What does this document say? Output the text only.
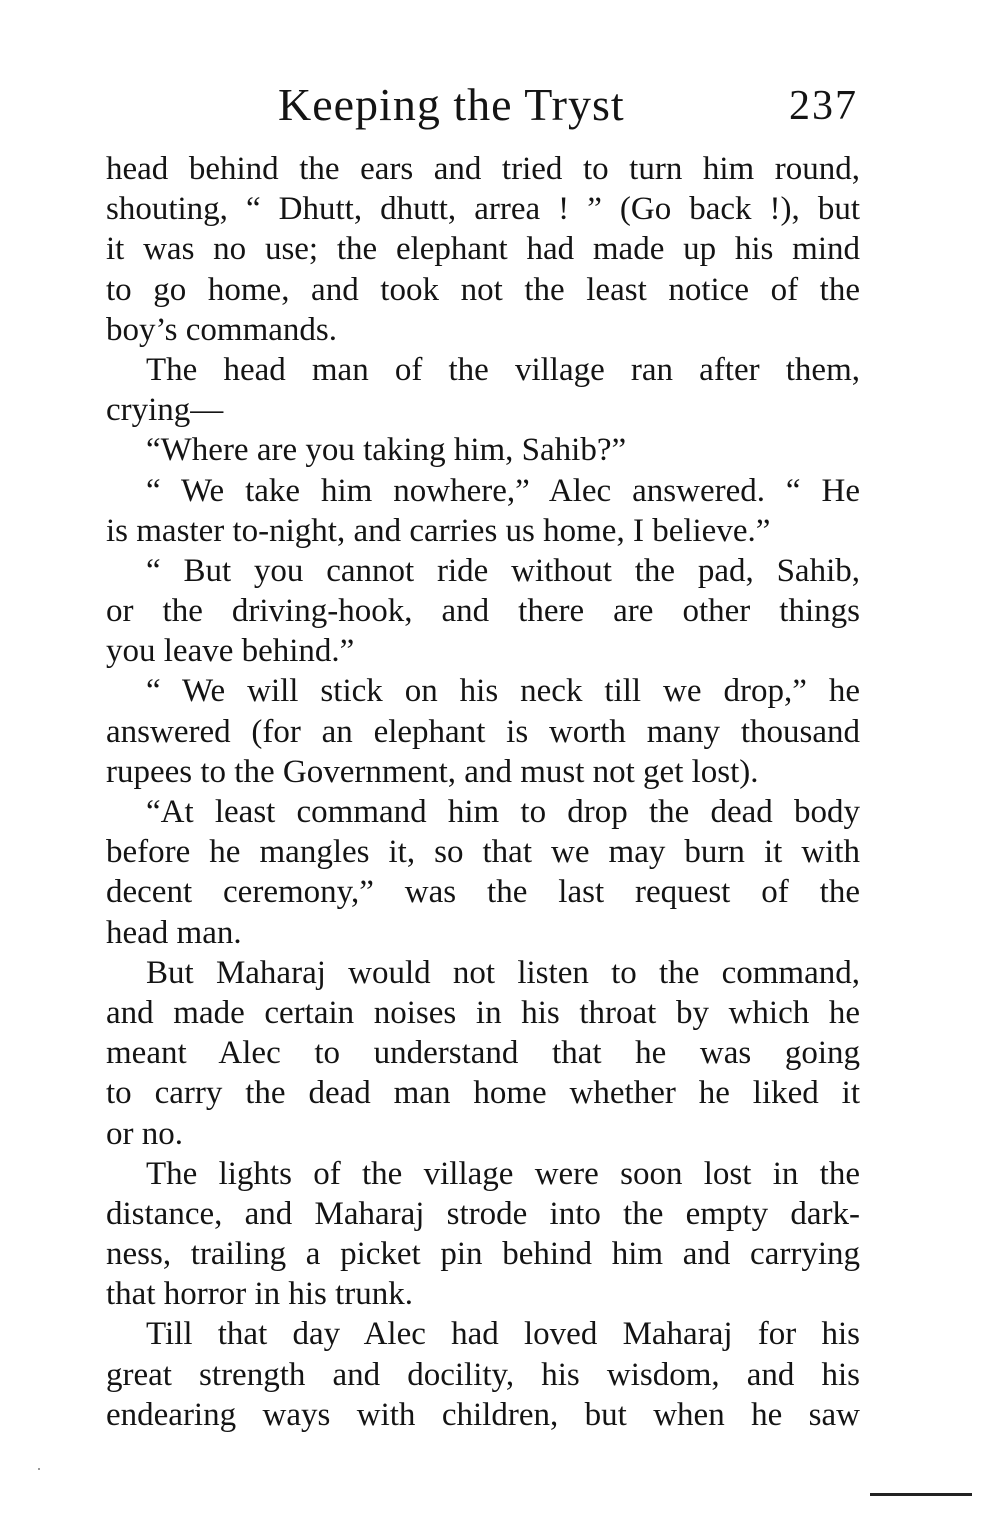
Keeping the Tryst	237
head behind the ears and tried to turn him round,
shouting, “ Dhutt, dhutt, arrea ! ” (Go back !), but
it was no use; the elephant had made up his mind
to go home, and took not the least notice of the
boy’s commands.
The head man of the village ran after them,
crying—
“Where are you taking him, Sahib?”
“ We take him nowhere,” Alec answered. “ He
is master to-night, and carries us home, I believe.”
“ But you cannot ride without the pad, Sahib,
or the driving-hook, and there are other things
you leave behind.”
“ We will stick on his neck till we drop,” he
answered (for an elephant is worth many thousand
rupees to the Government, and must not get lost).
“At least command him to drop the dead body
before he mangles it, so that we may burn it with
decent ceremony,” was the last request of the
head man.
But Maharaj would not listen to the command,
and made certain noises in his throat by which he
meant Alec to understand that he was going
to carry the dead man home whether he liked it
or no.
The lights of the village were soon lost in the
distance, and Maharaj strode into the empty dark-
ness, trailing a picket pin behind him and carrying
that horror in his trunk.
Till that day Alec had loved Maharaj for his
great strength and docility, his wisdom, and his
endearing ways with children, but when he saw
